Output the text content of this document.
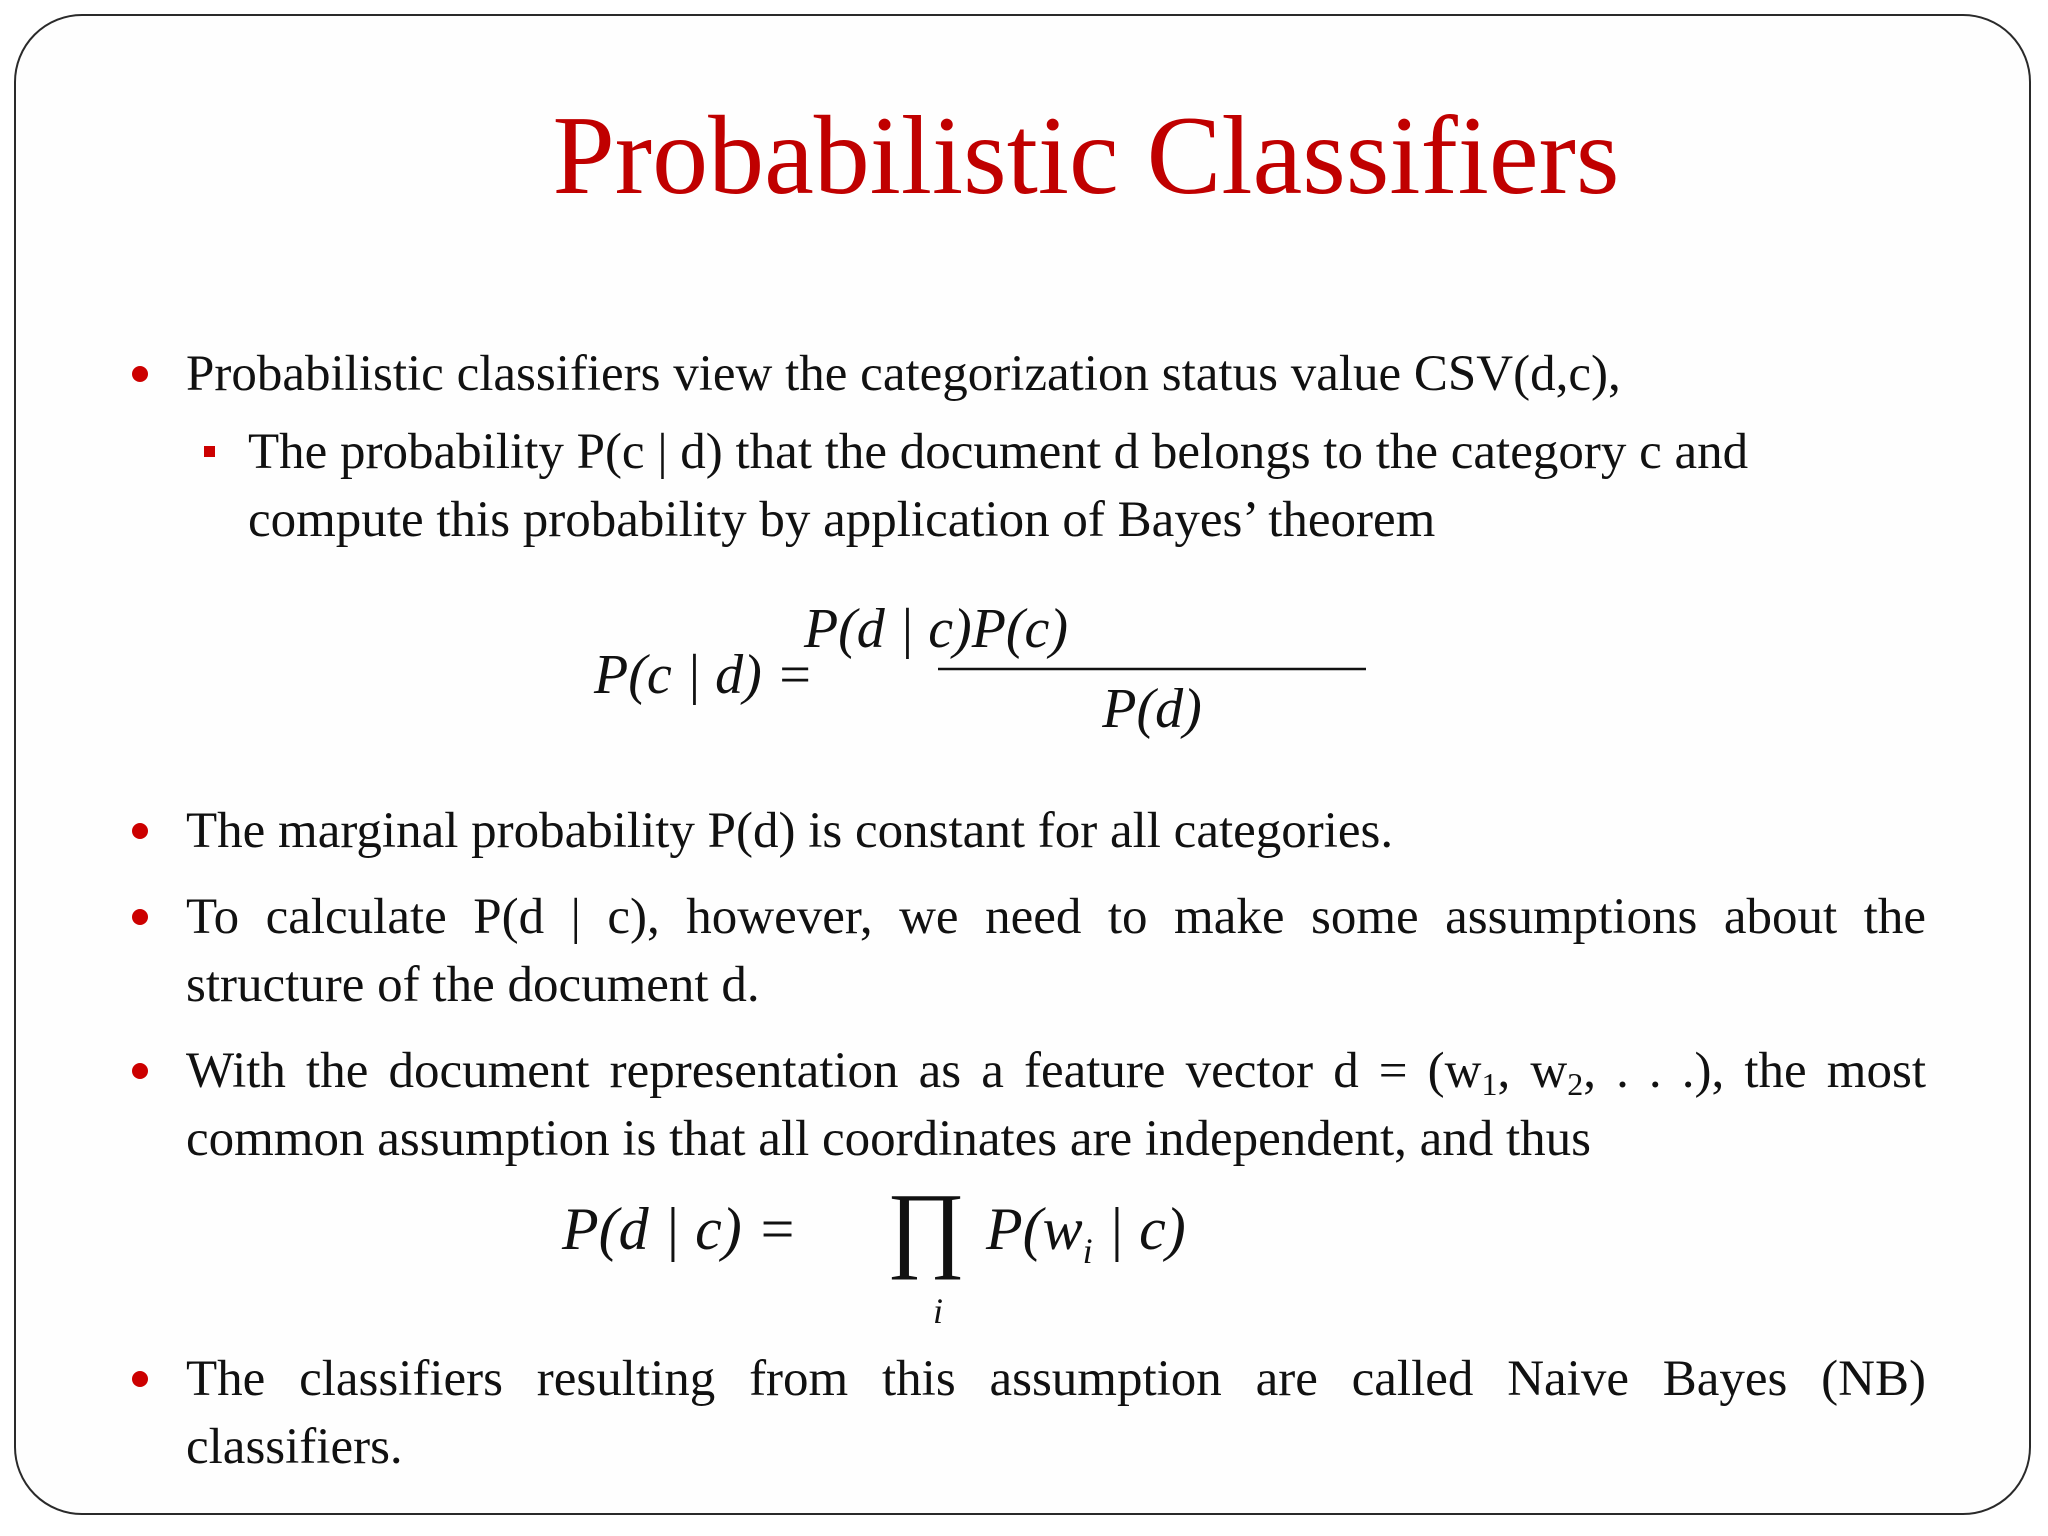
Probabilistic Classifiers

Probabilistic classifiers view the categorization status value CSV(d,c),

The probability P(c | d) that the document d belongs to the category c and compute this probability by application of Bayes’ theorem

P(c | d) =
P(d | c)P(c)
P(d)

The marginal probability P(d) is constant for all categories.

To calculate P(d | c), however, we need to make some assumptions about the structure of the document d.

With the document representation as a feature vector $d = (w_1$, $w_2$, . . .), the most common assumption is that all coordinates are independent, and thus

P(d | c) = ∏
i
$P(w_i$ | c)

The classifiers resulting from this assumption are called Naive Bayes (NB) classifiers.
